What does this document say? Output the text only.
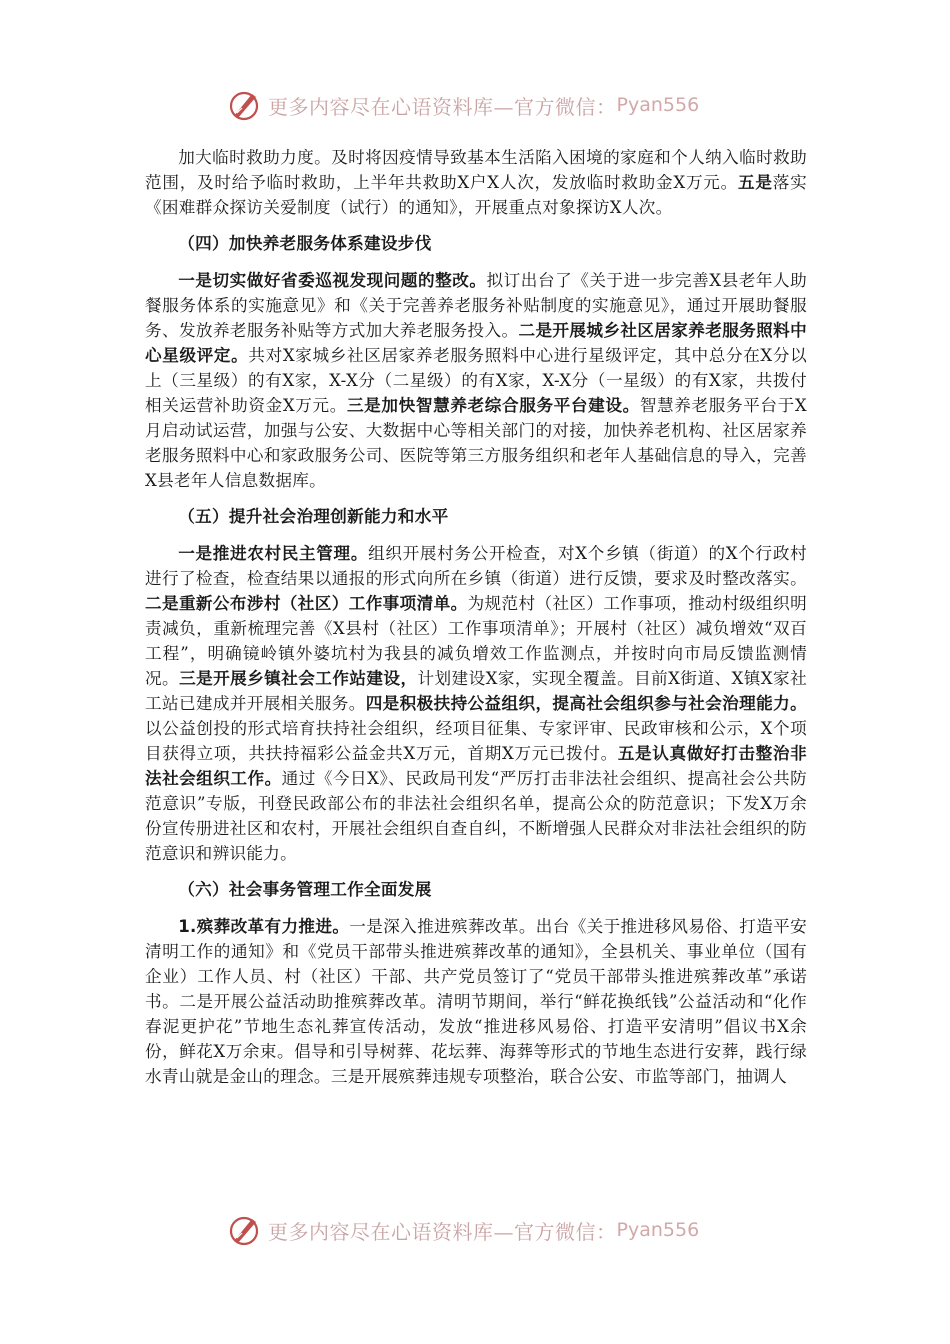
更多内容尽在心语资料库—官方微信： Pyan556

加大临时救助力度。及时将因疫情导致基本生活陷入困境的家庭和个人纳入临时救助范围，及时给予临时救助，上半年共救助X户X人次，发放临时救助金X万元。五是落实《困难群众探访关爱制度（试行）的通知》，开展重点对象探访X人次。

（四）加快养老服务体系建设步伐

一是切实做好省委巡视发现问题的整改。拟订出台了《关于进一步完善X县老年人助餐服务体系的实施意见》和《关于完善养老服务补贴制度的实施意见》，通过开展助餐服务、发放养老服务补贴等方式加大养老服务投入。二是开展城乡社区居家养老服务照料中心星级评定。共对X家城乡社区居家养老服务照料中心进行星级评定，其中总分在X分以上（三星级）的有X家，X-X分（二星级）的有X家，X-X分（一星级）的有X家，共拨付相关运营补助资金X万元。三是加快智慧养老综合服务平台建设。智慧养老服务平台于X月启动试运营，加强与公安、大数据中心等相关部门的对接，加快养老机构、社区居家养老服务照料中心和家政服务公司、医院等第三方服务组织和老年人基础信息的导入，完善X县老年人信息数据库。

（五）提升社会治理创新能力和水平

一是推进农村民主管理。组织开展村务公开检查，对X个乡镇（街道）的X个行政村进行了检查，检查结果以通报的形式向所在乡镇（街道）进行反馈，要求及时整改落实。二是重新公布涉村（社区）工作事项清单。为规范村（社区）工作事项，推动村级组织明责减负，重新梳理完善《X县村（社区）工作事项清单》；开展村（社区）减负增效“双百工程”，明确镜岭镇外婆坑村为我县的减负增效工作监测点，并按时向市局反馈监测情况。三是开展乡镇社会工作站建设，计划建设X家，实现全覆盖。目前X街道、X镇X家社工站已建成并开展相关服务。四是积极扶持公益组织，提高社会组织参与社会治理能力。以公益创投的形式培育扶持社会组织，经项目征集、专家评审、民政审核和公示，X个项目获得立项，共扶持福彩公益金共X万元，首期X万元已拨付。五是认真做好打击整治非法社会组织工作。通过《今日X》、民政局刊发“严厉打击非法社会组织、提高社会公共防范意识”专版，刊登民政部公布的非法社会组织名单，提高公众的防范意识；下发X万余份宣传册进社区和农村，开展社会组织自查自纠，不断增强人民群众对非法社会组织的防范意识和辨识能力。

（六）社会事务管理工作全面发展

1.殡葬改革有力推进。一是深入推进殡葬改革。出台《关于推进移风易俗、打造平安清明工作的通知》和《党员干部带头推进殡葬改革的通知》，全县机关、事业单位（国有企业）工作人员、村（社区）干部、共产党员签订了“党员干部带头推进殡葬改革”承诺书。二是开展公益活动助推殡葬改革。清明节期间，举行“鲜花换纸钱”公益活动和“化作春泥更护花”节地生态礼葬宣传活动，发放“推进移风易俗、打造平安清明”倡议书X余份，鲜花X万余束。倡导和引导树葬、花坛葬、海葬等形式的节地生态进行安葬，践行绿水青山就是金山的理念。三是开展殡葬违规专项整治，联合公安、市监等部门，抽调人

更多内容尽在心语资料库—官方微信： Pyan556
